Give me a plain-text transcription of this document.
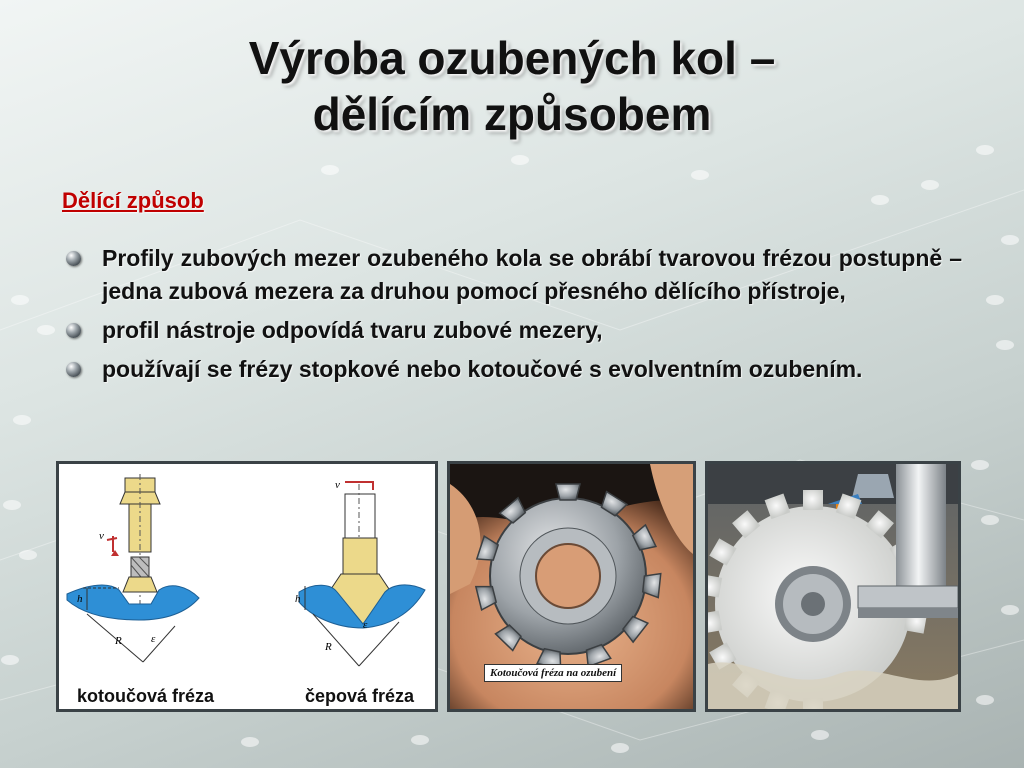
Výroba ozubených kol –
dělícím způsobem
Dělící způsob
Profily zubových mezer ozubeného kola se obrábí tvarovou frézou postupně – jedna zubová mezera za druhou pomocí přesného dělícího přístroje,
profil nástroje odpovídá tvaru zubové mezery,
používají se frézy stopkové nebo kotoučové s evolventním ozubením.
v
h
R	ε
v
h
R
ε
kotoučová fréza	čepová fréza
Kotoučová fréza na ozubení
